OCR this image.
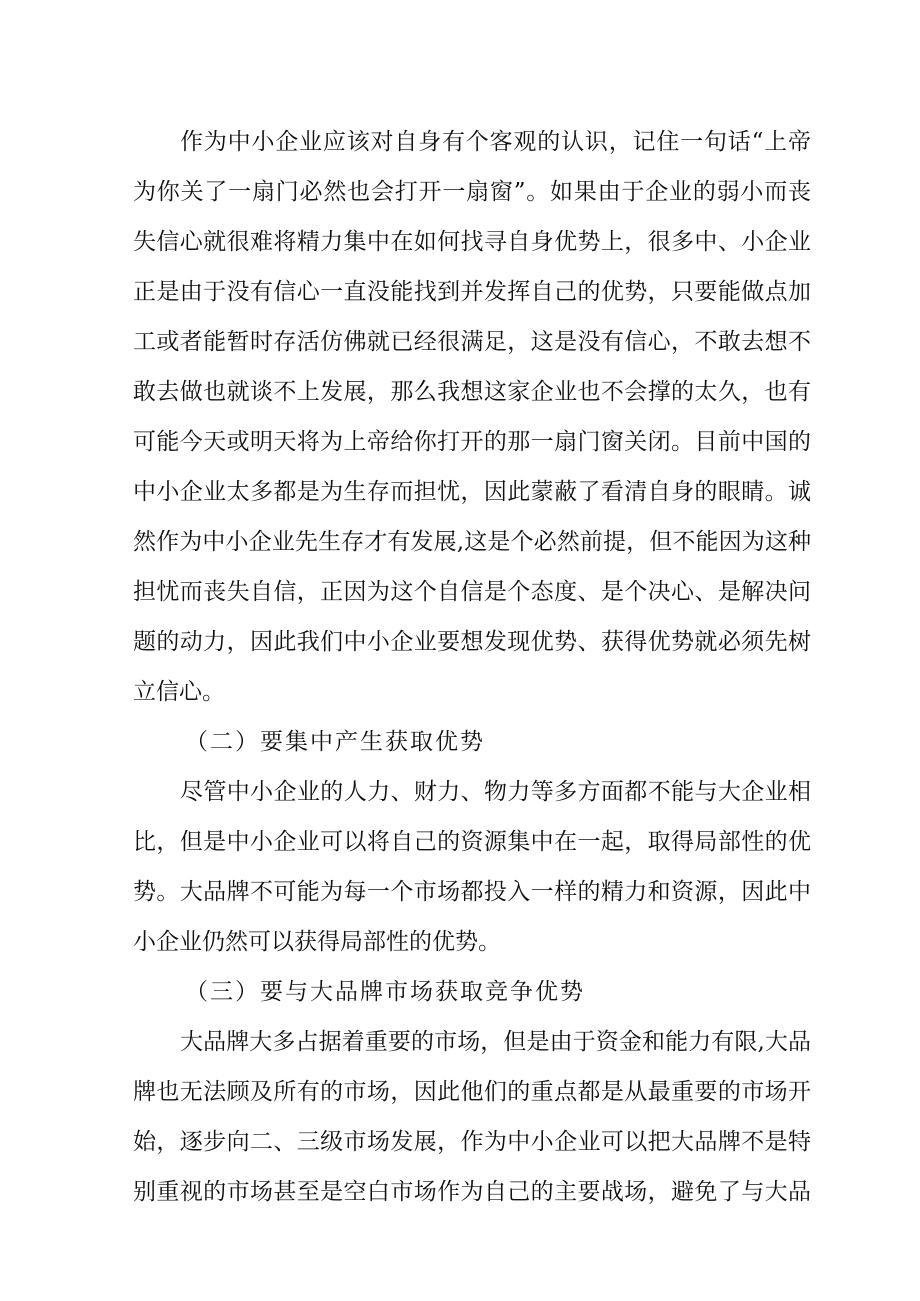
作为中小企业应该对自身有个客观的认识，记住一句话“上帝
为你关了一扇门必然也会打开一扇窗”。如果由于企业的弱小而丧
失信心就很难将精力集中在如何找寻自身优势上，很多中、小企业
正是由于没有信心一直没能找到并发挥自己的优势，只要能做点加
工或者能暂时存活仿佛就已经很满足，这是没有信心，不敢去想不
敢去做也就谈不上发展，那么我想这家企业也不会撑的太久，也有
可能今天或明天将为上帝给你打开的那一扇门窗关闭。目前中国的
中小企业太多都是为生存而担忧，因此蒙蔽了看清自身的眼睛。诚
然作为中小企业先生存才有发展,这是个必然前提，但不能因为这种
担忧而丧失自信，正因为这个自信是个态度、是个决心、是解决问
题的动力，因此我们中小企业要想发现优势、获得优势就必须先树
立信心。
（二）要集中产生获取优势
尽管中小企业的人力、财力、物力等多方面都不能与大企业相
比，但是中小企业可以将自己的资源集中在一起，取得局部性的优
势。大品牌不可能为每一个市场都投入一样的精力和资源，因此中
小企业仍然可以获得局部性的优势。
（三）要与大品牌市场获取竞争优势
大品牌大多占据着重要的市场，但是由于资金和能力有限,大品
牌也无法顾及所有的市场，因此他们的重点都是从最重要的市场开
始，逐步向二、三级市场发展，作为中小企业可以把大品牌不是特
别重视的市场甚至是空白市场作为自己的主要战场，避免了与大品
